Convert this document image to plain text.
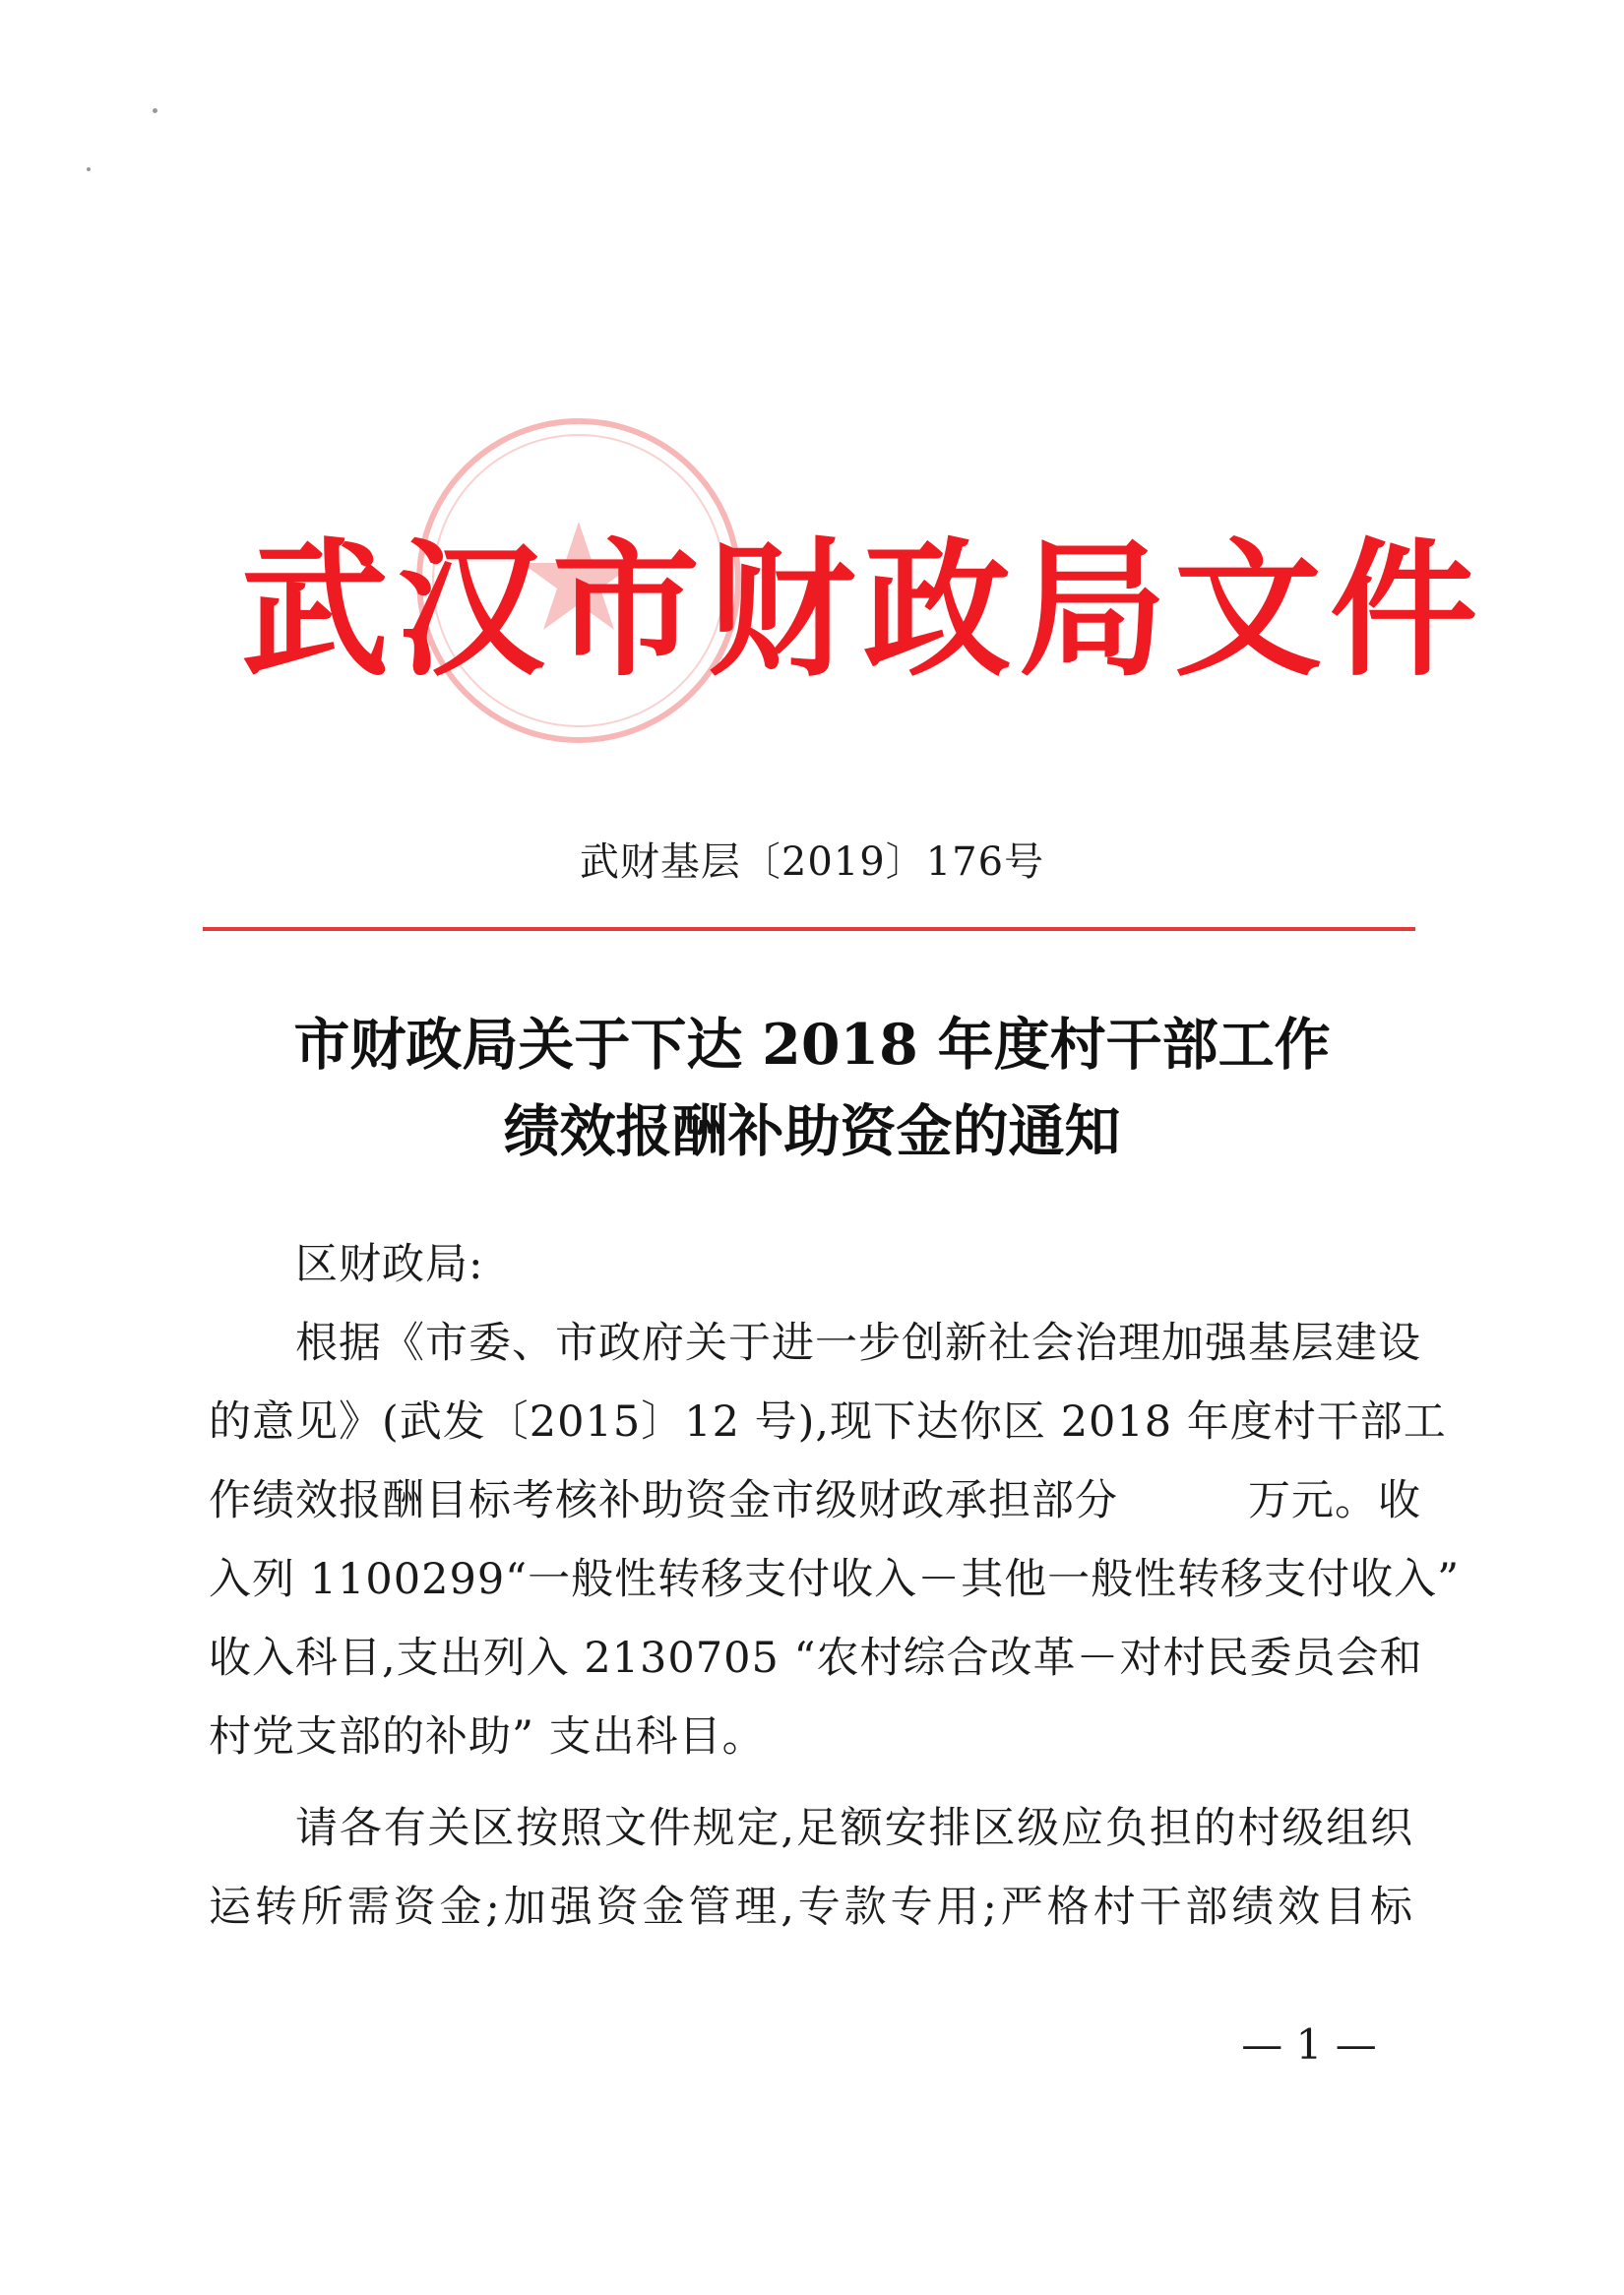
武汉市财政局文件
武财基层〔2019〕176号
市财政局关于下达 2018 年度村干部工作
绩效报酬补助资金的通知
区财政局:
根据《市委、市政府关于进一步创新社会治理加强基层建设
的意见》(武发〔2015〕12 号),现下达你区 2018 年度村干部工
作绩效报酬目标考核补助资金市级财政承担部分　　　万元。收
入列 1100299“一般性转移支付收入－其他一般性转移支付收入”
收入科目,支出列入 2130705 “农村综合改革－对村民委员会和
村党支部的补助” 支出科目。
请各有关区按照文件规定,足额安排区级应负担的村级组织
运转所需资金;加强资金管理,专款专用;严格村干部绩效目标
— 1 —
